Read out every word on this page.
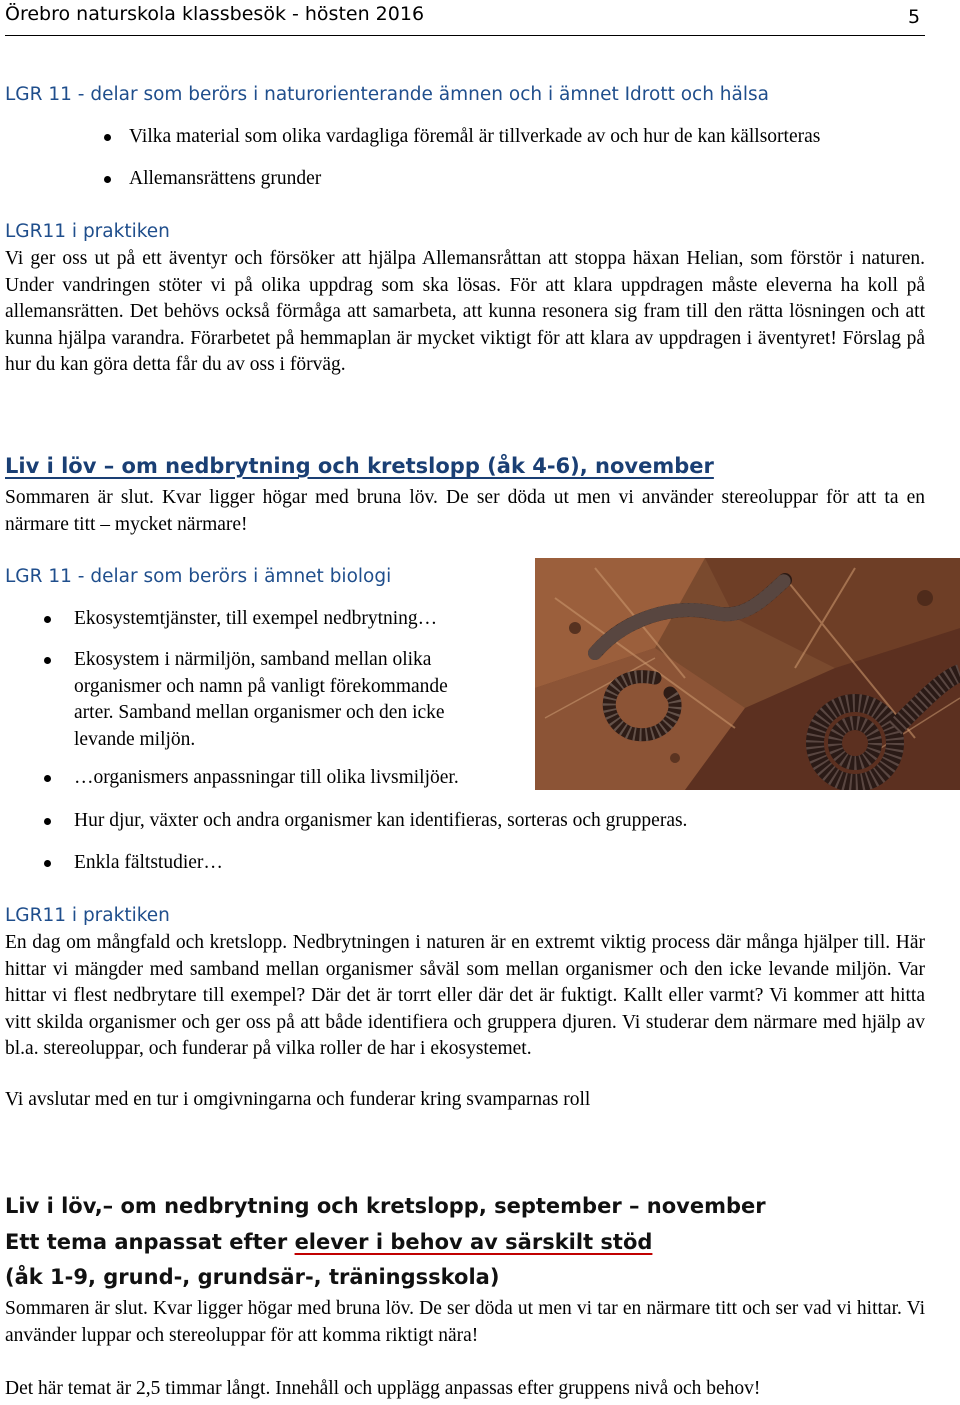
Örebro naturskola klassbesök - hösten 2016	5
LGR 11 - delar som berörs i naturorienterande ämnen och i ämnet Idrott och hälsa
Vilka material som olika vardagliga föremål är tillverkade av och hur de kan källsorteras
Allemansrättens grunder
LGR11 i praktiken

Vi ger oss ut på ett äventyr och försöker att hjälpa Allemansråttan att stoppa häxan Helian, som förstör i naturen. Under vandringen stöter vi på olika uppdrag som ska lösas. För att klara uppdragen måste eleverna ha koll på allemansrätten. Det behövs också förmåga att samarbeta, att kunna resonera sig fram till den rätta lösningen och att kunna hjälpa varandra. Förarbetet på hemmaplan är mycket viktigt för att klara av uppdragen i äventyret! Förslag på hur du kan göra detta får du av oss i förväg.

Liv i löv – om nedbrytning och kretslopp (åk 4-6), november

Sommaren är slut. Kvar ligger högar med bruna löv. De ser döda ut men vi använder stereoluppar för att ta en närmare titt – mycket närmare!

LGR 11 - delar som berörs i ämnet biologi
Ekosystemtjänster, till exempel nedbrytning…
Ekosystem i närmiljön, samband mellan olika
organismer och namn på vanligt förekommande
arter. Samband mellan organismer och den icke
levande miljön.
…organismers anpassningar till olika livsmiljöer.
Hur djur, växter och andra organismer kan identifieras, sorteras och grupperas.
Enkla fältstudier…
LGR11 i praktiken

En dag om mångfald och kretslopp. Nedbrytningen i naturen är en extremt viktig process där många hjälper till. Här hittar vi mängder med samband mellan organismer såväl som mellan organismer och den icke levande miljön. Var hittar vi flest nedbrytare till exempel? Där det är torrt eller där det är fuktigt. Kallt eller varmt? Vi kommer att hitta vitt skilda organismer och ger oss på att både identifiera och gruppera djuren. Vi studerar dem närmare med hjälp av bl.a. stereoluppar, och funderar på vilka roller de har i ekosystemet.

Vi avslutar med en tur i omgivningarna och funderar kring svamparnas roll

Liv i löv,– om nedbrytning och kretslopp, september – november
Ett tema anpassat efter elever i behov av särskilt stöd
(åk 1-9, grund-, grundsär-, träningsskola)

Sommaren är slut. Kvar ligger högar med bruna löv. De ser döda ut men vi tar en närmare titt och ser vad vi hittar. Vi använder luppar och stereoluppar för att komma riktigt nära!

Det här temat är 2,5 timmar långt. Innehåll och upplägg anpassas efter gruppens nivå och behov!
